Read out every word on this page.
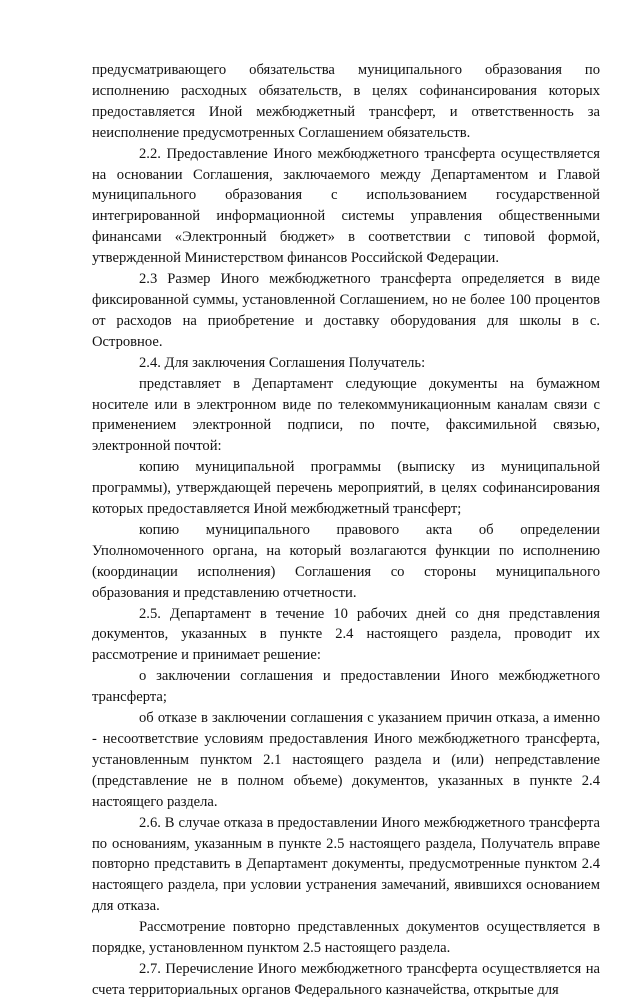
предусматривающего обязательства муниципального образования по исполнению расходных обязательств, в целях софинансирования которых предоставляется Иной межбюджетный трансферт, и ответственность за неисполнение предусмотренных Соглашением обязательств.

2.2. Предоставление Иного межбюджетного трансферта осуществляется на основании Соглашения, заключаемого между Департаментом и Главой муниципального образования с использованием государственной интегрированной информационной системы управления общественными финансами «Электронный бюджет» в соответствии с типовой формой, утвержденной Министерством финансов Российской Федерации.

2.3 Размер Иного межбюджетного трансферта определяется в виде фиксированной суммы, установленной Соглашением, но не более 100 процентов от расходов на приобретение и доставку оборудования для школы в с. Островное.

2.4. Для заключения Соглашения Получатель:

представляет в Департамент следующие документы на бумажном носителе или в электронном виде по телекоммуникационным каналам связи с применением электронной подписи, по почте, факсимильной связью, электронной почтой:

копию муниципальной программы (выписку из муниципальной программы), утверждающей перечень мероприятий, в целях софинансирования которых предоставляется Иной межбюджетный трансферт;

копию муниципального правового акта об определении Уполномоченного органа, на который возлагаются функции по исполнению (координации исполнения) Соглашения со стороны муниципального образования и представлению отчетности.

2.5. Департамент в течение 10 рабочих дней со дня представления документов, указанных в пункте 2.4 настоящего раздела, проводит их рассмотрение и принимает решение:

о заключении соглашения и предоставлении Иного межбюджетного трансферта;

об отказе в заключении соглашения с указанием причин отказа, а именно - несоответствие условиям предоставления Иного межбюджетного трансферта, установленным пунктом 2.1 настоящего раздела и (или) непредставление (представление не в полном объеме) документов, указанных в пункте 2.4 настоящего раздела.

2.6. В случае отказа в предоставлении Иного межбюджетного трансферта по основаниям, указанным в пункте 2.5 настоящего раздела, Получатель вправе повторно представить в Департамент документы, предусмотренные пунктом 2.4 настоящего раздела, при условии устранения замечаний, явившихся основанием для отказа.

Рассмотрение повторно представленных документов осуществляется в порядке, установленном пунктом 2.5 настоящего раздела.

2.7. Перечисление Иного межбюджетного трансферта осуществляется на счета территориальных органов Федерального казначейства, открытые для
